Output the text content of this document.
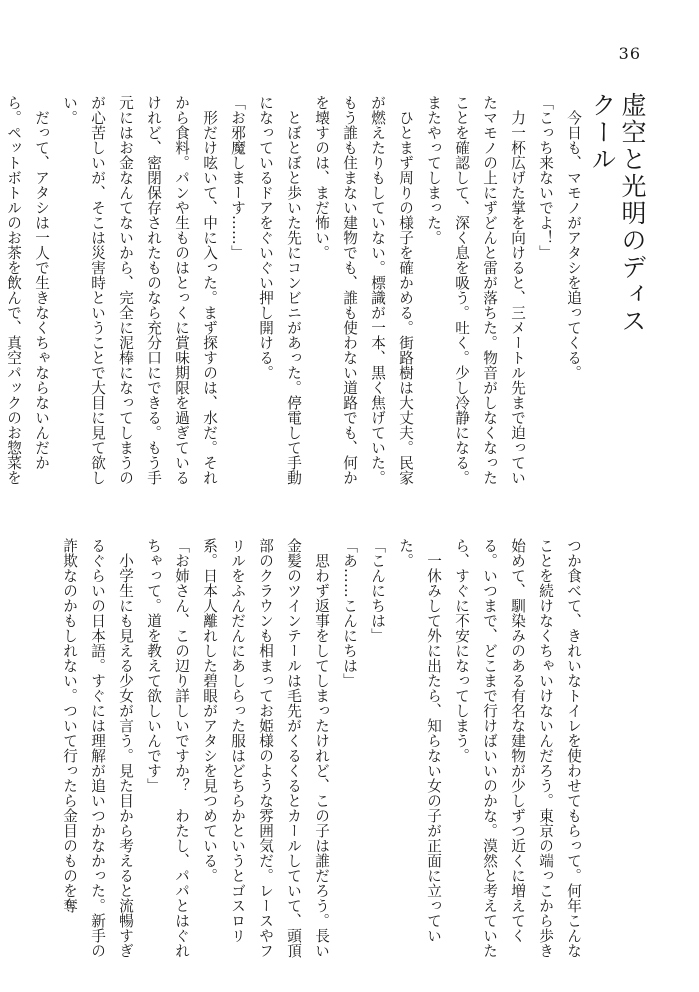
36
虚空と光明のディスクール

今日も、マモノがアタシを追ってくる。

「こっち来ないでよ！」

力一杯広げた掌を向けると、三メートル先まで迫っていたマモノの上にずどんと雷が落ちた。物音がしなくなったことを確認して、深く息を吸う。吐く。少し冷静になる。またやってしまった。

ひとまず周りの様子を確かめる。街路樹は大丈夫。民家が燃えたりもしていない。標識が一本、黒く焦げていた。もう誰も住まない建物でも、誰も使わない道路でも、何かを壊すのは、まだ怖い。

とぼとぼと歩いた先にコンビニがあった。停電して手動になっているドアをぐいぐい押し開ける。

「お邪魔しまーす……」

形だけ呟いて、中に入った。まず探すのは、水だ。それから食料。パンや生ものはとっくに賞味期限を過ぎているけれど、密閉保存されたものなら充分口にできる。もう手元にはお金なんてないから、完全に泥棒になってしまうのが心苦しいが、そこは災害時ということで大目に見て欲しい。

だって、アタシは一人で生きなくちゃならないんだから。ペットボトルのお茶を飲んで、真空パックのお惣菜を

つか食べて、きれいなトイレを使わせてもらって。何年こんなことを続けなくちゃいけないんだろう。東京の端っこから歩き始めて、馴染みのある有名な建物が少しずつ近くに増えてくる。いつまで、どこまで行けばいいのかな。漠然と考えていたら、すぐに不安になってしまう。

一休みして外に出たら、知らない女の子が正面に立っていた。

「こんにちは」

「あ……こんにちは」

思わず返事をしてしまったけれど、この子は誰だろう。長い金髪のツインテールは毛先がくるくるとカールしていて、頭頂部のクラウンも相まってお姫様のような雰囲気だ。レースやフリルをふんだんにあしらった服はどちらかというとゴスロリ系。日本人離れした碧眼がアタシを見つめている。

「お姉さん、この辺り詳しいですか？　わたし、パパとはぐれちゃって。道を教えて欲しいんです」

小学生にも見える少女が言う。見た目から考えると流暢すぎるぐらいの日本語。すぐには理解が追いつかなかった。新手の詐欺なのかもしれない。ついて行ったら金目のものを奪
